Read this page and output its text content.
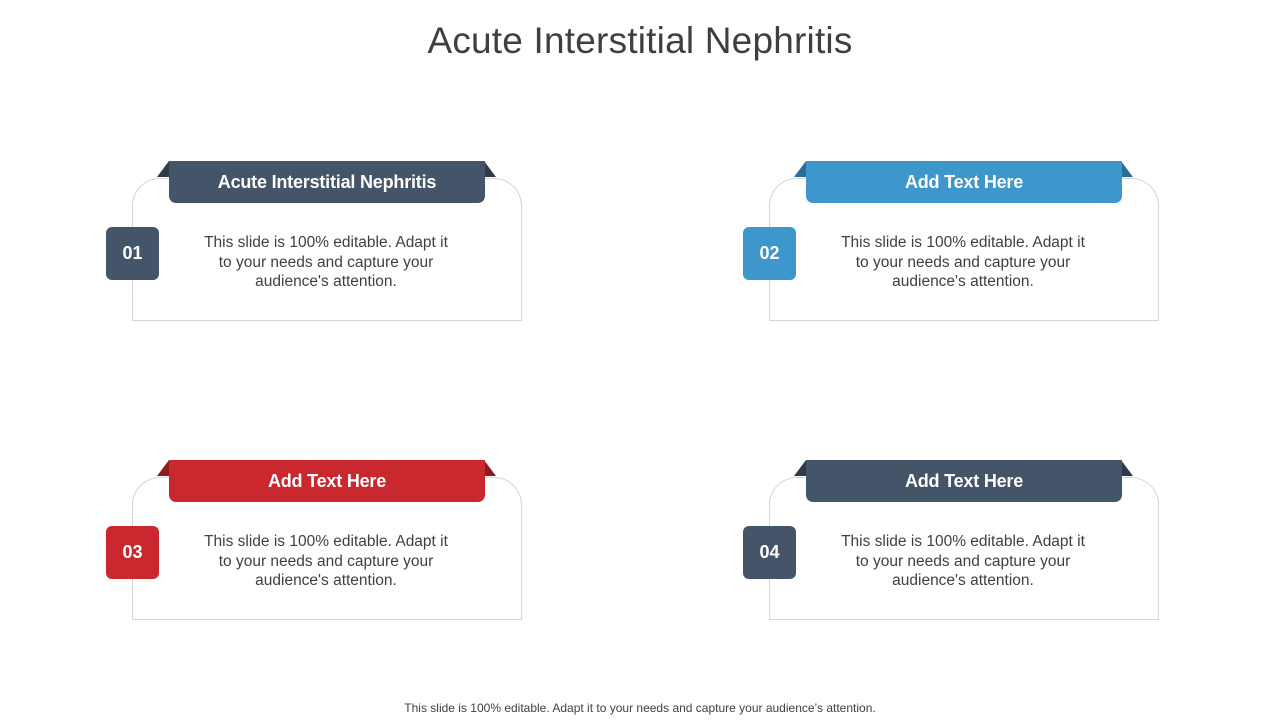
Acute Interstitial Nephritis
Acute Interstitial Nephritis
01
This slide is 100% editable. Adapt it to your needs and capture your audience's attention.
Add Text Here
02
This slide is 100% editable. Adapt it to your needs and capture your audience's attention.
Add Text Here
03
This slide is 100% editable. Adapt it to your needs and capture your audience's attention.
Add Text Here
04
This slide is 100% editable. Adapt it to your needs and capture your audience's attention.
This slide is 100% editable. Adapt it to your needs and capture your audience’s attention.
